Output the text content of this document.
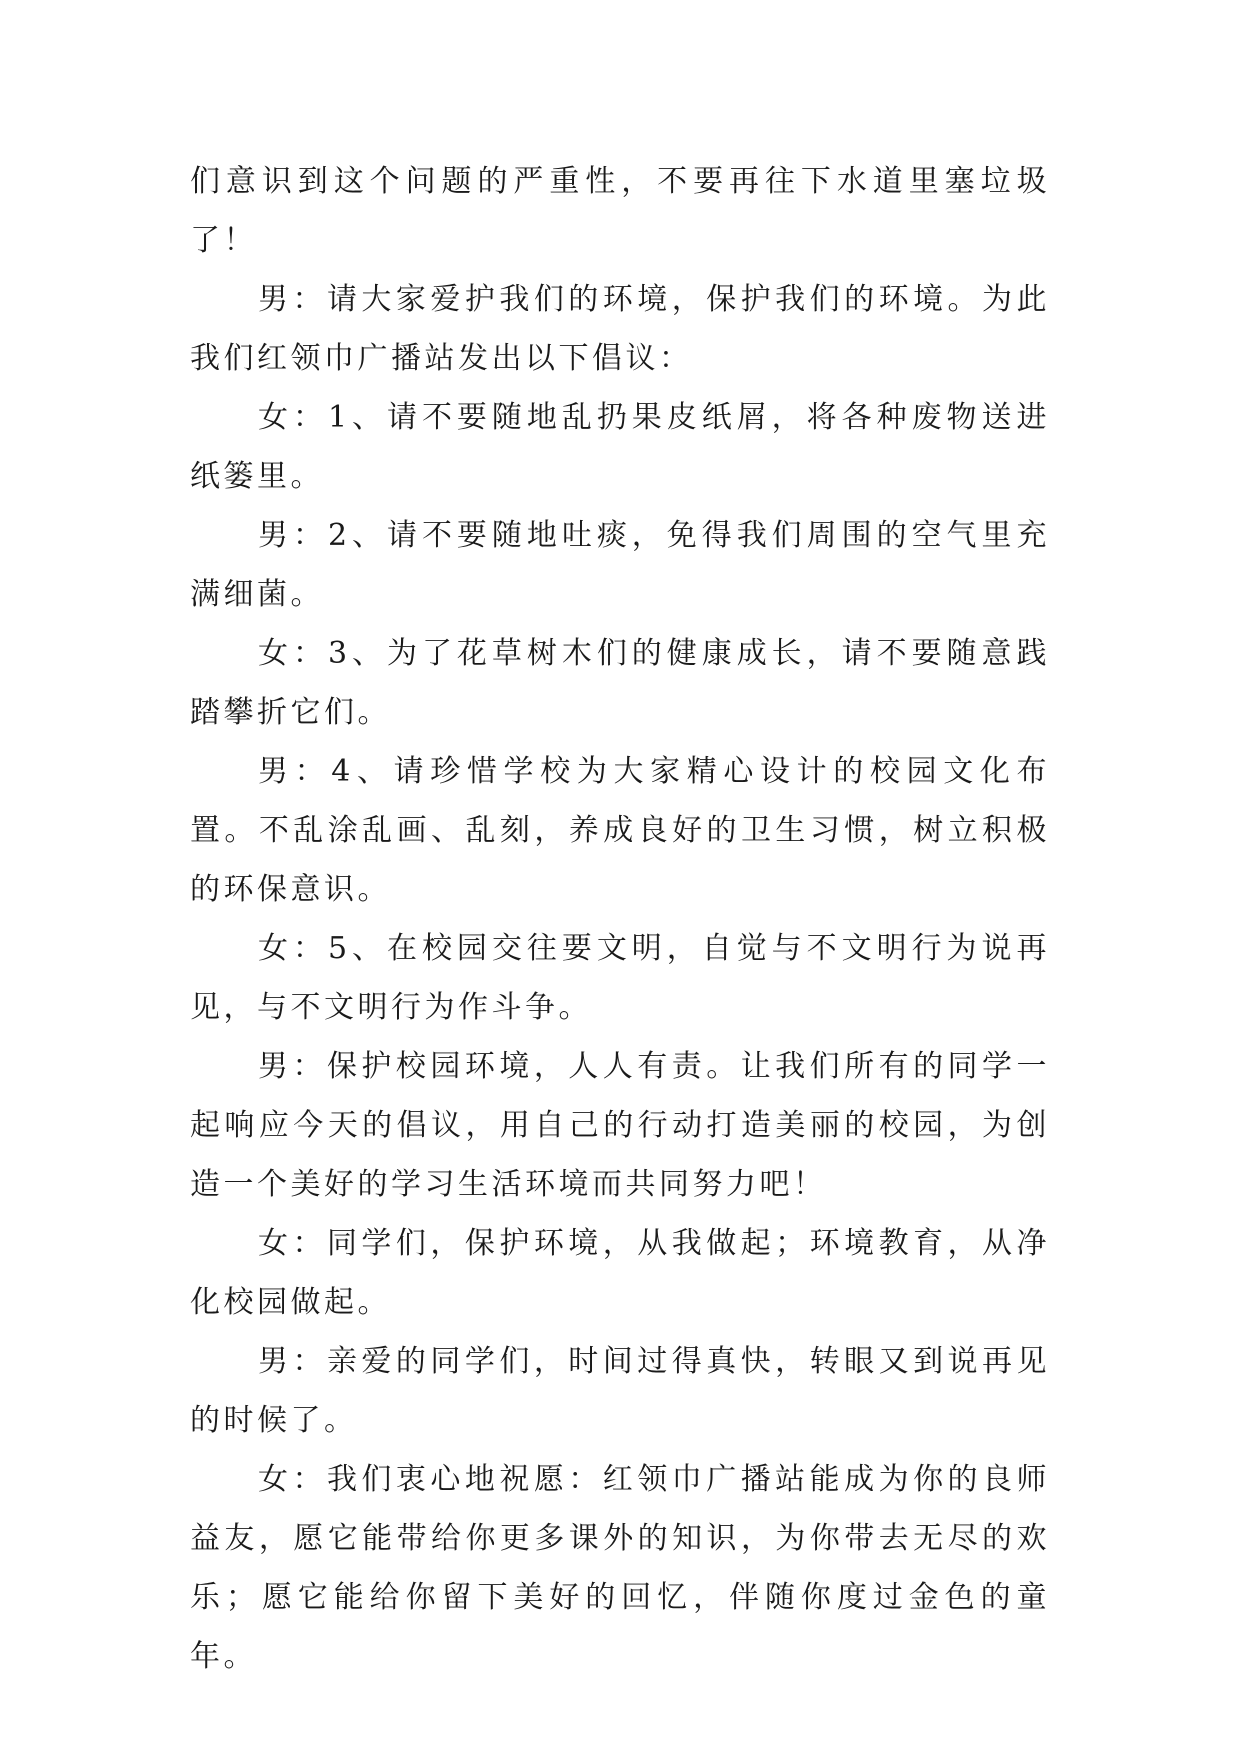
们意识到这个问题的严重性，不要再往下水道里塞垃圾了！

男：请大家爱护我们的环境，保护我们的环境。为此我们红领巾广播站发出以下倡议：

女：1、请不要随地乱扔果皮纸屑，将各种废物送进纸篓里。

男：2、请不要随地吐痰，免得我们周围的空气里充满细菌。

女：3、为了花草树木们的健康成长，请不要随意践踏攀折它们。

男：4、请珍惜学校为大家精心设计的校园文化布置。不乱涂乱画、乱刻，养成良好的卫生习惯，树立积极的环保意识。

女：5、在校园交往要文明，自觉与不文明行为说再见，与不文明行为作斗争。

男：保护校园环境，人人有责。让我们所有的同学一起响应今天的倡议，用自己的行动打造美丽的校园，为创造一个美好的学习生活环境而共同努力吧！

女：同学们，保护环境，从我做起；环境教育，从净化校园做起。

男：亲爱的同学们，时间过得真快，转眼又到说再见的时候了。

女：我们衷心地祝愿：红领巾广播站能成为你的良师益友，愿它能带给你更多课外的知识，为你带去无尽的欢乐；愿它能给你留下美好的回忆，伴随你度过金色的童年。
